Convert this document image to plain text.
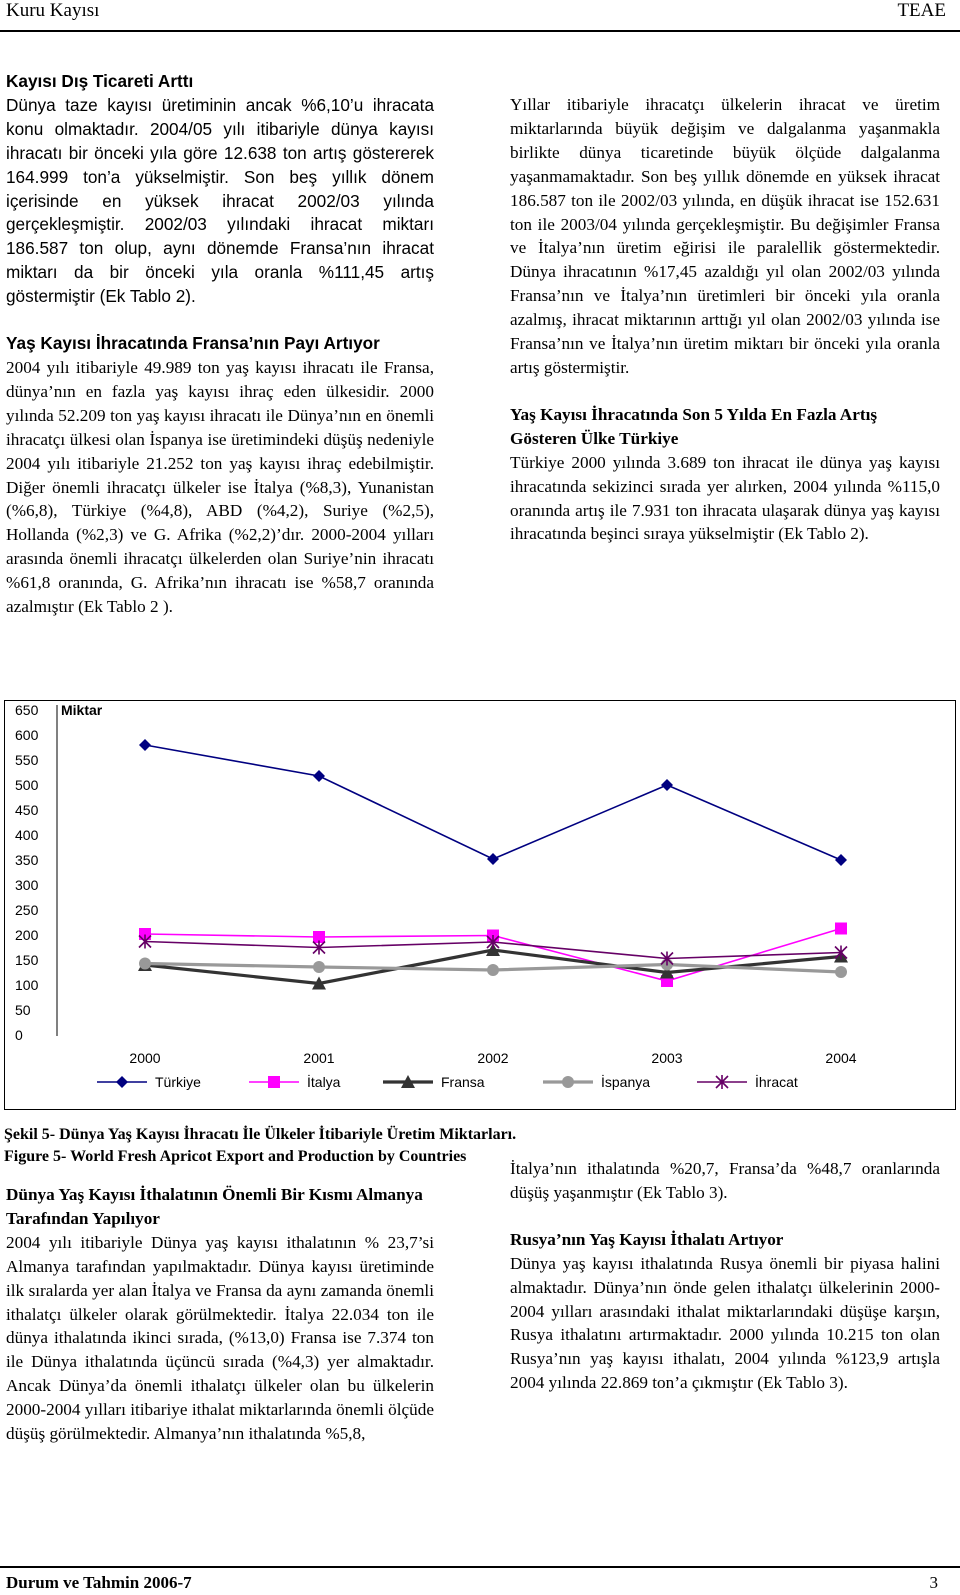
Kuru Kayısı	TEAE
Kayısı Dış Ticareti Arttı

Dünya taze kayısı üretiminin ancak %6,10’u ihracata konu olmaktadır. 2004/05 yılı itibariyle dünya kayısı ihracatı bir önceki yıla göre 12.638 ton artış göstererek 164.999 ton’a yükselmiştir. Son beş yıllık dönem içerisinde en yüksek ihracat 2002/03 yılında gerçekleşmiştir. 2002/03 yılındaki ihracat miktarı 186.587 ton olup, aynı dönemde Fransa’nın ihracat miktarı da bir önceki yıla oranla %111,45 artış göstermiştir (Ek Tablo 2).

Yaş Kayısı İhracatında Fransa’nın Payı Artıyor

2004 yılı itibariyle 49.989 ton yaş kayısı ihracatı ile Fransa, dünya’nın en fazla yaş kayısı ihraç eden ülkesidir. 2000 yılında 52.209 ton yaş kayısı ihracatı ile Dünya’nın en önemli ihracatçı ülkesi olan İspanya ise üretimindeki düşüş nedeniyle 2004 yılı itibariyle 21.252 ton yaş kayısı ihraç edebilmiştir. Diğer önemli ihracatçı ülkeler ise İtalya (%8,3), Yunanistan (%6,8), Türkiye (%4,8), ABD (%4,2), Suriye (%2,5), Hollanda (%2,3) ve G. Afrika (%2,2)’dır. 2000-2004 yılları arasında önemli ihracatçı ülkelerden olan Suriye’nin ihracatı %61,8 oranında, G. Afrika’nın ihracatı ise %58,7 oranında azalmıştır (Ek Tablo 2 ).

Yıllar itibariyle ihracatçı ülkelerin ihracat ve üretim miktarlarında büyük değişim ve dalgalanma yaşanmakla birlikte dünya ticaretinde büyük ölçüde dalgalanma yaşanmamaktadır. Son beş yıllık dönemde en yüksek ihracat 186.587 ton ile 2002/03 yılında, en düşük ihracat ise 152.631 ton ile 2003/04 yılında gerçekleşmiştir. Bu değişimler Fransa ve İtalya’nın üretim eğirisi ile paralellik göstermektedir. Dünya ihracatının %17,45 azaldığı yıl olan 2002/03 yılında Fransa’nın ve İtalya’nın üretimleri bir önceki yıla oranla azalmış, ihracat miktarının arttığı yıl olan 2002/03 yılında ise Fransa’nın ve İtalya’nın üretim miktarı bir önceki yıla oranla artış göstermiştir.

Yaş Kayısı İhracatında Son 5 Yılda En Fazla Artış Gösteren Ülke Türkiye

Türkiye 2000 yılında 3.689 ton ihracat ile dünya yaş kayısı ihracatında sekizinci sırada yer alırken, 2004 yılında %115,0 oranında artış ile 7.931 ton ihracata ulaşarak dünya yaş kayısı ihracatında beşinci sıraya yükselmiştir (Ek Tablo 2).

Miktar
650
600
550
500
450
400
350
300
250
200
150
100
50
0
2000	2001	2002	2003	2004
Türkiye	İtalya	Fransa	İspanya	İhracat
Şekil 5- Dünya Yaş Kayısı İhracatı İle Ülkeler İtibariyle Üretim Miktarları.
Figure 5- World Fresh Apricot Export and Production by Countries
Dünya Yaş Kayısı İthalatının Önemli Bir Kısmı Almanya Tarafından Yapılıyor

2004 yılı itibariyle Dünya yaş kayısı ithalatının % 23,7’si Almanya tarafından yapılmaktadır. Dünya kayısı üretiminde ilk sıralarda yer alan İtalya ve Fransa da aynı zamanda önemli ithalatçı ülkeler olarak görülmektedir. İtalya 22.034 ton ile dünya ithalatında ikinci sırada, (%13,0) Fransa ise 7.374 ton ile Dünya ithalatında üçüncü sırada (%4,3) yer almaktadır. Ancak Dünya’da önemli ithalatçı ülkeler olan bu ülkelerin 2000-2004 yılları itibariye ithalat miktarlarında önemli ölçüde düşüş görülmektedir. Almanya’nın ithalatında %5,8,

İtalya’nın ithalatında %20,7, Fransa’da %48,7 oranlarında düşüş yaşanmıştır (Ek Tablo 3).

Rusya’nın Yaş Kayısı İthalatı Artıyor

Dünya yaş kayısı ithalatında Rusya önemli bir piyasa halini almaktadır. Dünya’nın önde gelen ithalatçı ülkelerinin 2000-2004 yılları arasındaki ithalat miktarlarındaki düşüşe karşın, Rusya ithalatını artırmaktadır. 2000 yılında 10.215 ton olan Rusya’nın yaş kayısı ithalatı, 2004 yılında %123,9 artışla 2004 yılında 22.869 ton’a çıkmıştır (Ek Tablo 3).

Durum ve Tahmin 2006-7	3
